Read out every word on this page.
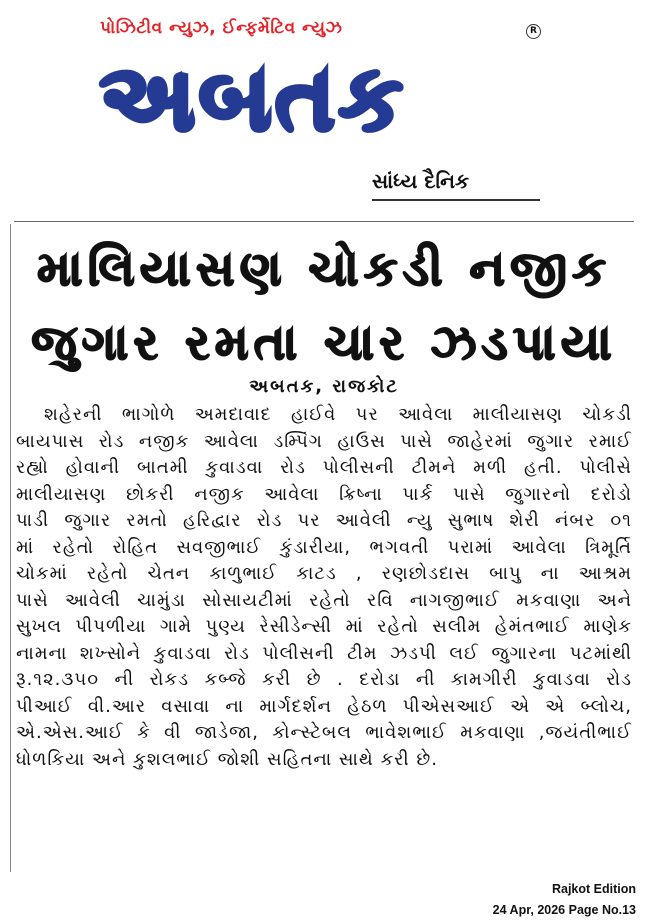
પોઝિટીવ ન્યુઝ, ઈન્ફર્મેટિવ ન્યુઝ	R
અબતક
સાંધ્ય દૈનિક
માલિયાસણ ચોકડી નજીક
જુગાર રમતા ચાર ઝડપાયા
અબતક, રાજકોટ
શહેરની ભાગોળે અમદાવાદ હાઈવે પર આવેલા માલીયાસણ ચોકડી
બાયપાસ રોડ નજીક આવેલા ડમ્પિંગ હાઉસ પાસે જાહેરમાં જુગાર રમાઈ
રહ્યો હોવાની બાતમી કુવાડવા રોડ પોલીસની ટીમને મળી હતી. પોલીસે
માલીયાસણ છોકરી નજીક આવેલા ક્રિષ્ના પાર્ક પાસે જુગારનો દરોડો
પાડી જુગાર રમતો હરિદ્વાર રોડ પર આવેલી ન્યુ સુભાષ શેરી નંબર ૦૧
માં રહેતો રોહિત સવજીભાઈ કુંડારીયા, ભગવતી પરામાં આવેલા ત્રિમૂર્તિ
ચોકમાં રહેતો ચેતન કાળુભાઈ કાટડ , રણછોડદાસ બાપુ ના આશ્રમ
પાસે આવેલી ચામુંડા સોસાયટીમાં રહેતો રવિ નાગજીભાઈ મકવાણા અને
સુખલ પીપળીયા ગામે પુણ્ય રેસીડેન્સી માં રહેતો સલીમ હેમંતભાઈ માણેક
નામના શખ્સોને કુવાડવા રોડ પોલીસની ટીમ ઝડપી લઈ જુગારના પટમાંથી
રૂ.૧૨.૩૫૦ ની રોકડ કબ્જે કરી છે . દરોડા ની કામગીરી કુવાડવા રોડ
પીઆઈ વી.આર વસાવા ના માર્ગદર્શન હેઠળ પીએસઆઈ એ એ બ્લોચ,
એ.એસ.આઈ કે વી જાડેજા, કોન્સ્ટેબલ ભાવેશભાઈ મકવાણા ,જયંતીભાઈ
ધોળકિયા અને કુશલભાઈ જોશી સહિતના સાથે કરી છે.
Rajkot Edition
24 Apr, 2026 Page No.13
